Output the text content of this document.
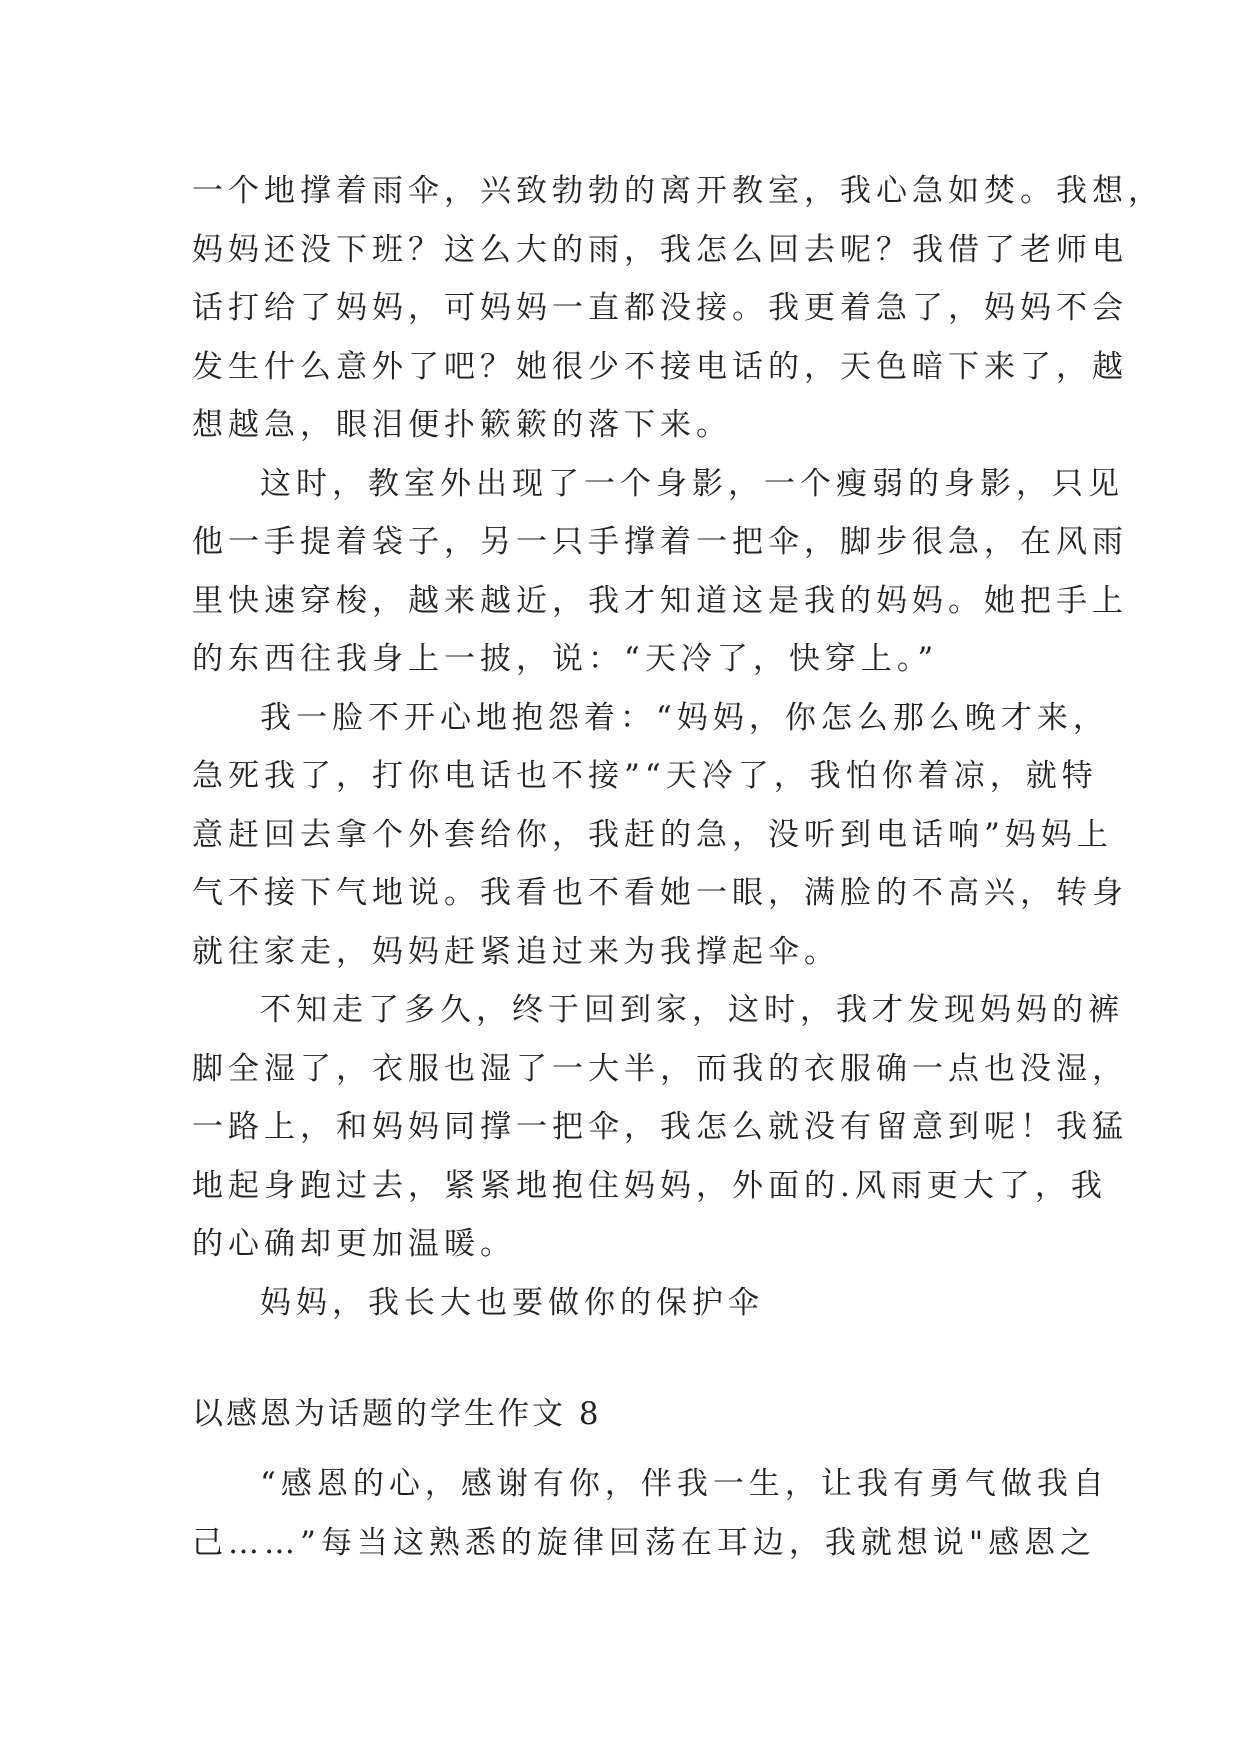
一个地撑着雨伞，兴致勃勃的离开教室，我心急如焚。我想，
妈妈还没下班？这么大的雨，我怎么回去呢？我借了老师电
话打给了妈妈，可妈妈一直都没接。我更着急了，妈妈不会
发生什么意外了吧？她很少不接电话的，天色暗下来了，越
想越急，眼泪便扑簌簌的落下来。
这时，教室外出现了一个身影，一个瘦弱的身影，只见
他一手提着袋子，另一只手撑着一把伞，脚步很急，在风雨
里快速穿梭，越来越近，我才知道这是我的妈妈。她把手上
的东西往我身上一披，说：“天冷了，快穿上。”
我一脸不开心地抱怨着：“妈妈，你怎么那么晚才来，
急死我了，打你电话也不接”“天冷了，我怕你着凉，就特
意赶回去拿个外套给你，我赶的急，没听到电话响”妈妈上
气不接下气地说。我看也不看她一眼，满脸的不高兴，转身
就往家走，妈妈赶紧追过来为我撑起伞。
不知走了多久，终于回到家，这时，我才发现妈妈的裤
脚全湿了，衣服也湿了一大半，而我的衣服确一点也没湿，
一路上，和妈妈同撑一把伞，我怎么就没有留意到呢！我猛
地起身跑过去，紧紧地抱住妈妈，外面的.风雨更大了，我
的心确却更加温暖。
妈妈，我长大也要做你的保护伞
以感恩为话题的学生作文 8
“感恩的心，感谢有你，伴我一生，让我有勇气做我自
己……”每当这熟悉的旋律回荡在耳边，我就想说"感恩之
